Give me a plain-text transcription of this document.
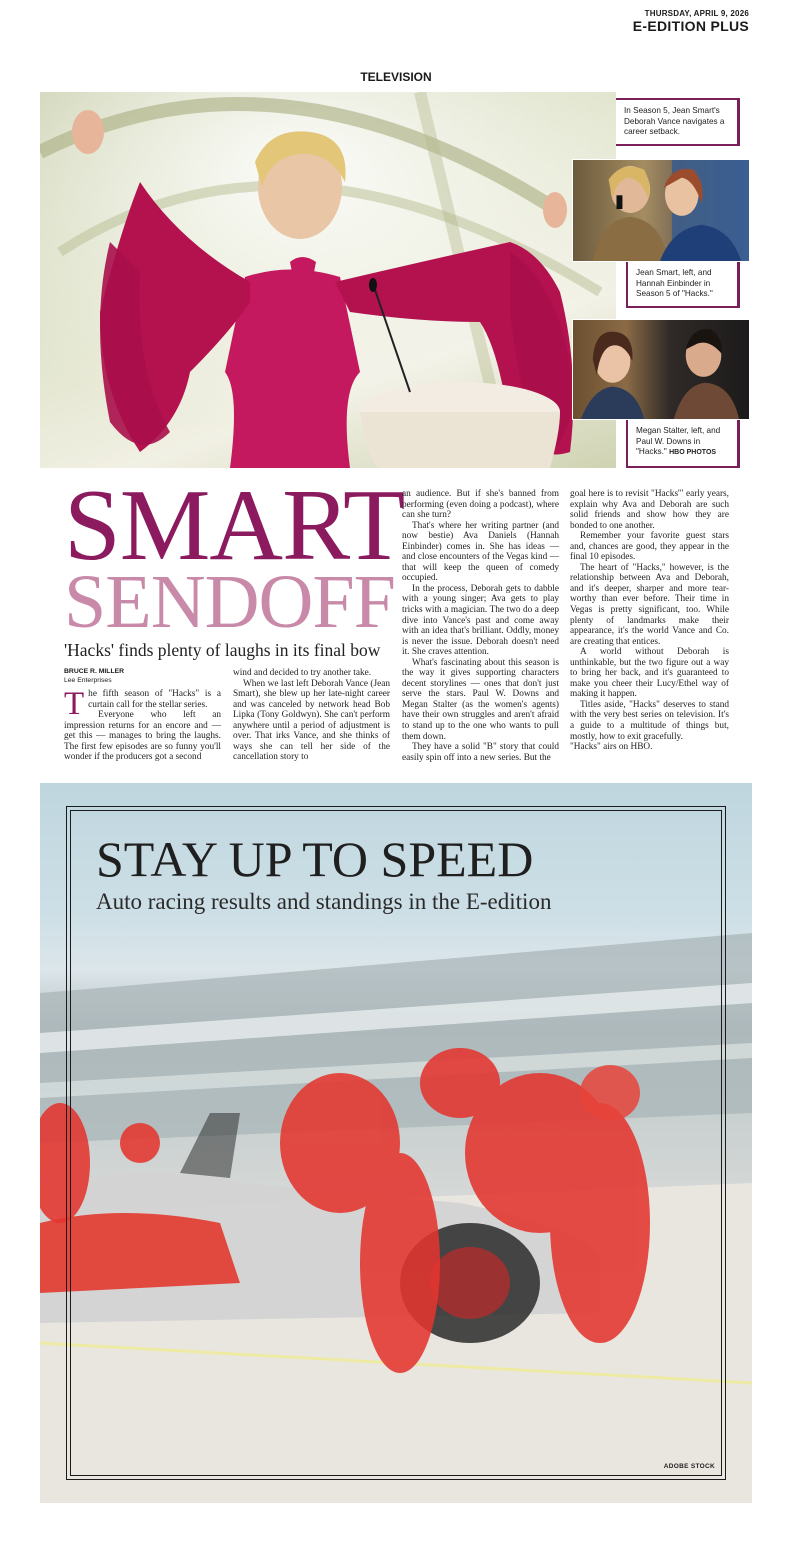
THURSDAY, APRIL 9, 2026
E-EDITION PLUS
TELEVISION
In Season 5, Jean Smart's Deborah Vance navigates a career setback.
Jean Smart, left, and Hannah Einbinder in Season 5 of "Hacks."
Megan Stalter, left, and Paul W. Downs in "Hacks." HBO PHOTOS
SMART
SENDOFF
'Hacks' finds plenty of laughs in its final bow
BRUCE R. MILLER
Lee Enterprises

The fifth season of "Hacks" is a curtain call for the stellar series.

Everyone who left an impression returns for an encore and — get this — manages to bring the laughs. The first few episodes are so funny you'll wonder if the producers got a second

wind and decided to try another take.

When we last left Deborah Vance (Jean Smart), she blew up her late-night career and was canceled by network head Bob Lipka (Tony Goldwyn). She can't perform anywhere until a period of adjustment is over. That irks Vance, and she thinks of ways she can tell her side of the cancellation story to

an audience. But if she's banned from performing (even doing a podcast), where can she turn?

That's where her writing partner (and now bestie) Ava Daniels (Hannah Einbinder) comes in. She has ideas — and close encounters of the Vegas kind — that will keep the queen of comedy occupied.

In the process, Deborah gets to dabble with a young singer; Ava gets to play tricks with a magician. The two do a deep dive into Vance's past and come away with an idea that's brilliant. Oddly, money is never the issue. Deborah doesn't need it. She craves attention.

What's fascinating about this season is the way it gives supporting characters decent storylines — ones that don't just serve the stars. Paul W. Downs and Megan Stalter (as the women's agents) have their own struggles and aren't afraid to stand up to the one who wants to pull them down.

They have a solid "B" story that could easily spin off into a new series. But the

goal here is to revisit "Hacks'" early years, explain why Ava and Deborah are such solid friends and show how they are bonded to one another.

Remember your favorite guest stars and, chances are good, they appear in the final 10 episodes.

The heart of "Hacks," however, is the relationship between Ava and Deborah, and it's deeper, sharper and more tear-worthy than ever before. Their time in Vegas is pretty significant, too. While plenty of landmarks make their appearance, it's the world Vance and Co. are creating that entices.

A world without Deborah is unthinkable, but the two figure out a way to bring her back, and it's guaranteed to make you cheer their Lucy/Ethel way of making it happen.

Titles aside, "Hacks" deserves to stand with the very best series on television. It's a guide to a multitude of things but, mostly, how to exit gracefully.

"Hacks" airs on HBO.

STAY UP TO SPEED
Auto racing results and standings in the E-edition
ADOBE STOCK
